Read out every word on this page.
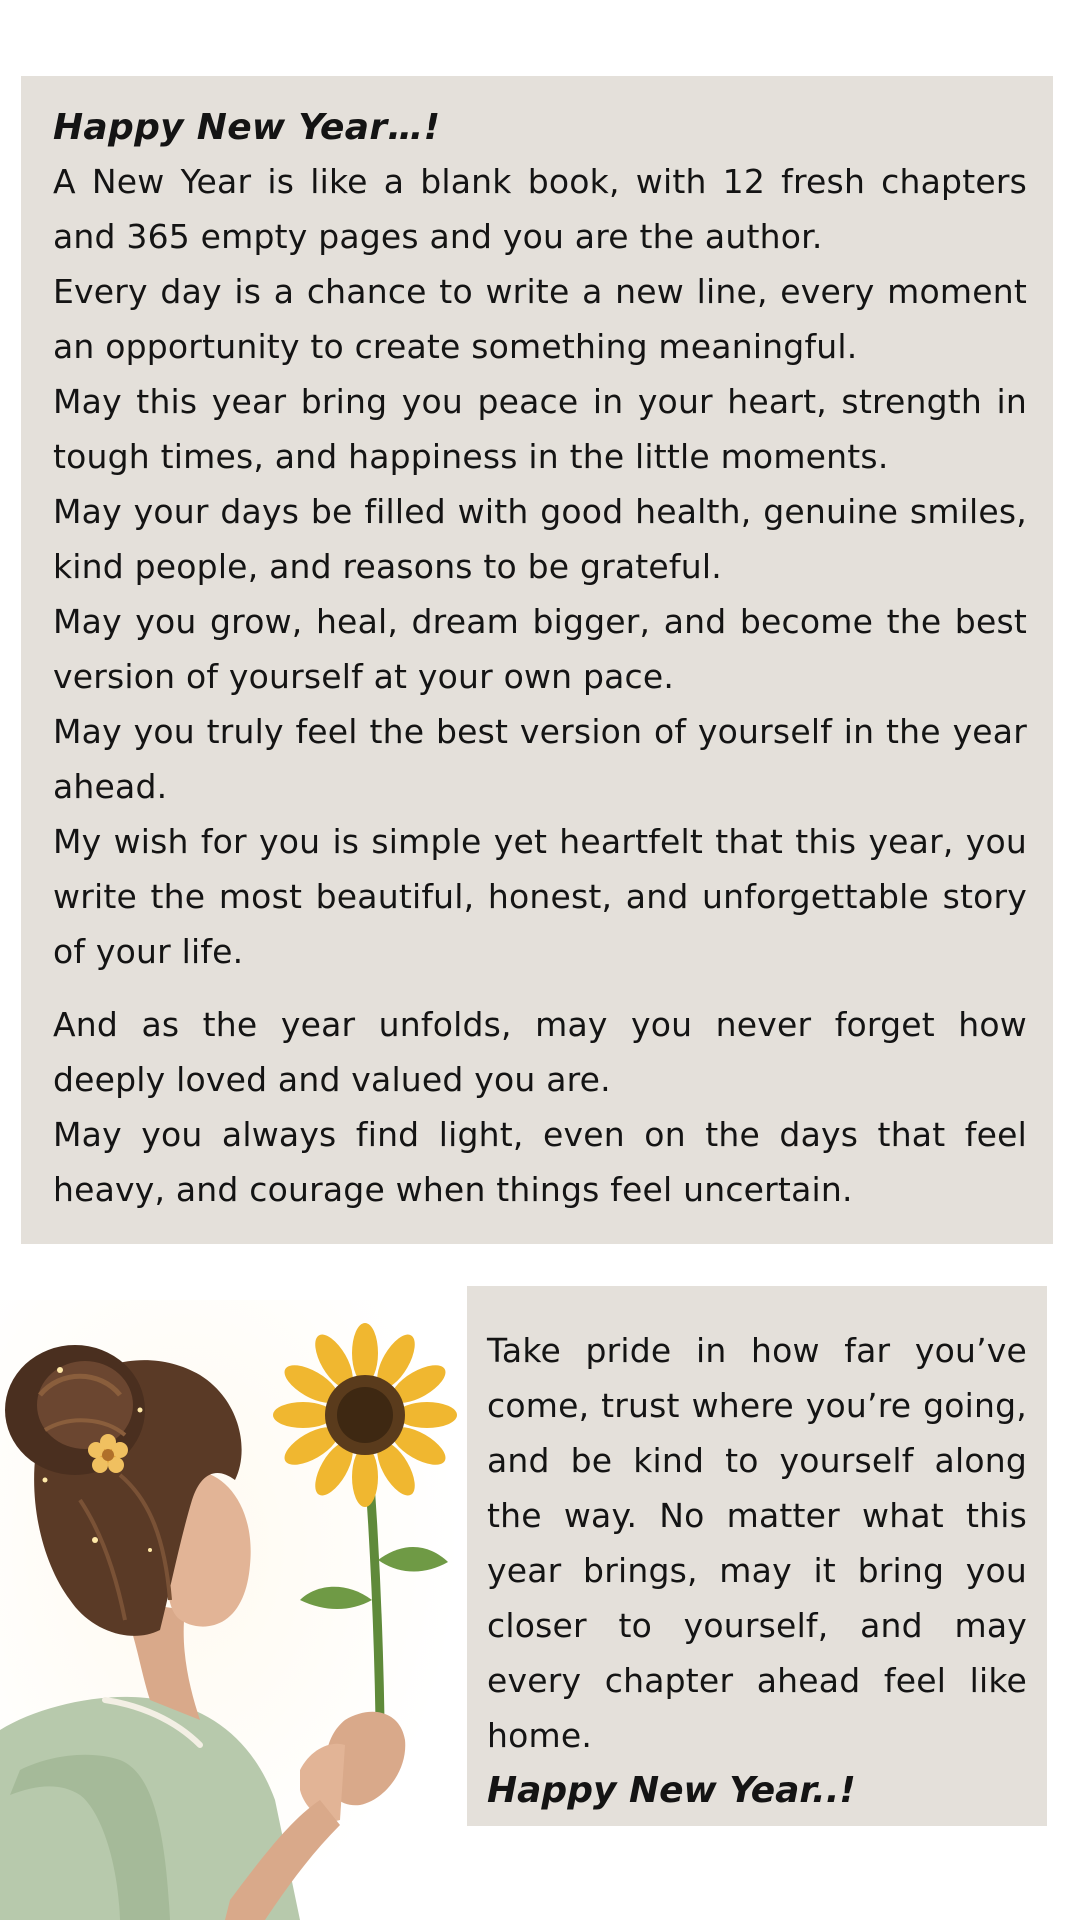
Happy New Year…!

A New Year is like a blank book, with 12 fresh chapters and 365 empty pages and you are the author.

Every day is a chance to write a new line, every moment an opportunity to create something meaningful.

May this year bring you peace in your heart, strength in tough times, and happiness in the little moments.

May your days be filled with good health, genuine smiles, kind people, and reasons to be grateful.

May you grow, heal, dream bigger, and become the best version of yourself at your own pace.

May you truly feel the best version of yourself in the year ahead.

My wish for you is simple yet heartfelt that this year, you write the most beautiful, honest, and unforgettable story of your life.

And as the year unfolds, may you never forget how deeply loved and valued you are.

May you always find light, even on the days that feel heavy, and courage when things feel uncertain.

Take pride in how far you’ve come, trust where you’re going, and be kind to yourself along the way. No matter what this year brings, may it bring you closer to yourself, and may every chapter ahead feel like home.

Happy New Year..!
